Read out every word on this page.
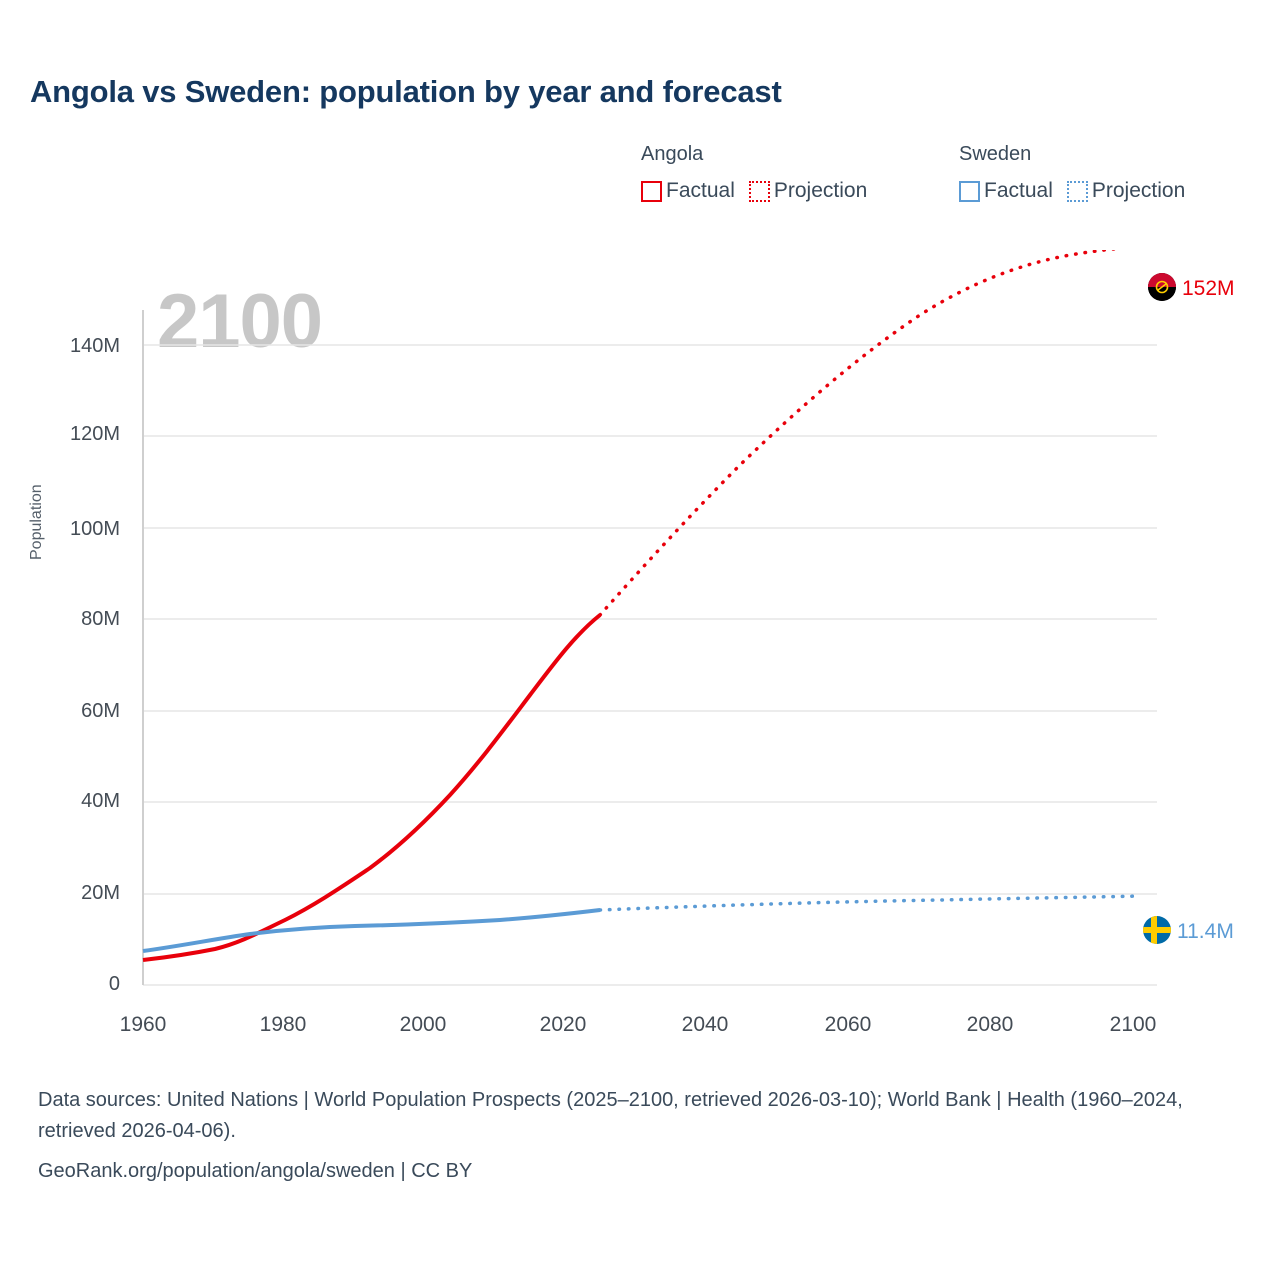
Angola vs Sweden: population by year and forecast
Angola
Factual Projection
Sweden
Factual Projection
2100
Population
140M
120M
100M
80M
60M
40M
20M
0
1960	1980	2000	2020	2040	2060	2080	2100
152M
11.4M
Data sources: United Nations | World Population Prospects (2025–2100, retrieved 2026-03-10); World Bank | Health (1960–2024, retrieved 2026-04-06).
GeoRank.org/population/angola/sweden | CC BY
